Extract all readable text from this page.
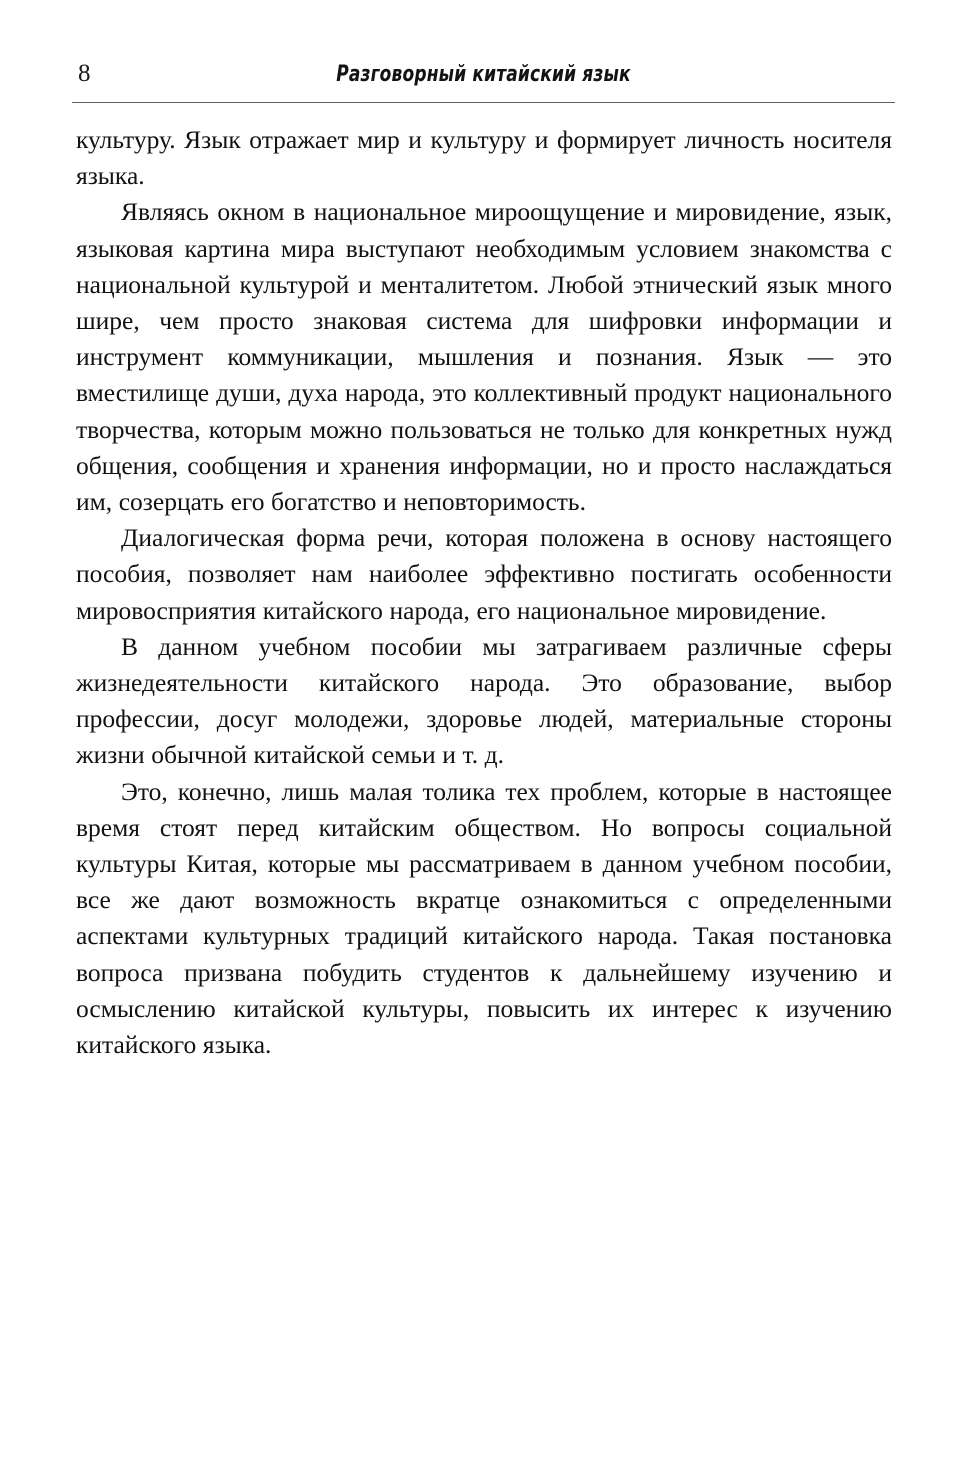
8	Разговорный китайский язык

культуру. Язык отражает мир и культуру и формирует личность носителя языка.

Являясь окном в национальное мироощущение и мировидение, язык, языковая картина мира выступают необходимым условием знакомства с национальной культурой и менталитетом. Любой этнический язык много шире, чем просто знаковая система для шифровки информации и инструмент коммуникации, мышления и познания. Язык — это вместилище души, духа народа, это коллективный продукт национального творчества, которым можно пользоваться не только для конкретных нужд общения, сообщения и хранения информации, но и просто наслаждаться им, созерцать его богатство и неповторимость.

Диалогическая форма речи, которая положена в основу настоящего пособия, позволяет нам наиболее эффективно постигать особенности мировосприятия китайского народа, его национальное мировидение.

В данном учебном пособии мы затрагиваем различные сферы жизнедеятельности китайского народа. Это образование, выбор профессии, досуг молодежи, здоровье людей, материальные стороны жизни обычной китайской семьи и т. д.

Это, конечно, лишь малая толика тех проблем, которые в настоящее время стоят перед китайским обществом. Но вопросы социальной культуры Китая, которые мы рассматриваем в данном учебном пособии, все же дают возможность вкратце ознакомиться с определенными аспектами культурных традиций китайского народа. Такая постановка вопроса призвана побудить студентов к дальнейшему изучению и осмыслению китайской культуры, повысить их интерес к изучению китайского языка.
